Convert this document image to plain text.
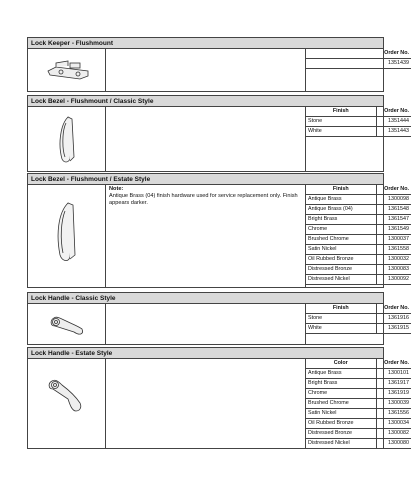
Lock Keeper - Flushmount
	Order No.
	1351439
Lock Bezel - Flushmount / Classic Style
Finish	Order No.
Stone	1351444
White	1351443
Lock Bezel - Flushmount / Estate Style
Note:
Antique Brass (04) finish hardware used for service replacement only. Finish appears darker.
Finish	Order No.
Antique Brass	1300098
Antique Brass (04)	1361548
Bright Brass	1361547
Chrome	1361549
Brushed Chrome	1300037
Satin Nickel	1361558
Oil Rubbed Bronze	1300032
Distressed Bronze	1300083
Distressed Nickel	1300092
Lock Handle - Classic Style
Finish	Order No.
Stone	1361916
White	1361915
Lock Handle - Estate Style
Color	Order No.
Antique Brass	1300101
Bright Brass	1361917
Chrome	1361919
Brushed Chrome	1300039
Satin Nickel	1361556
Oil Rubbed Bronze	1300034
Distressed Bronze	1300082
Distressed Nickel	1300080
